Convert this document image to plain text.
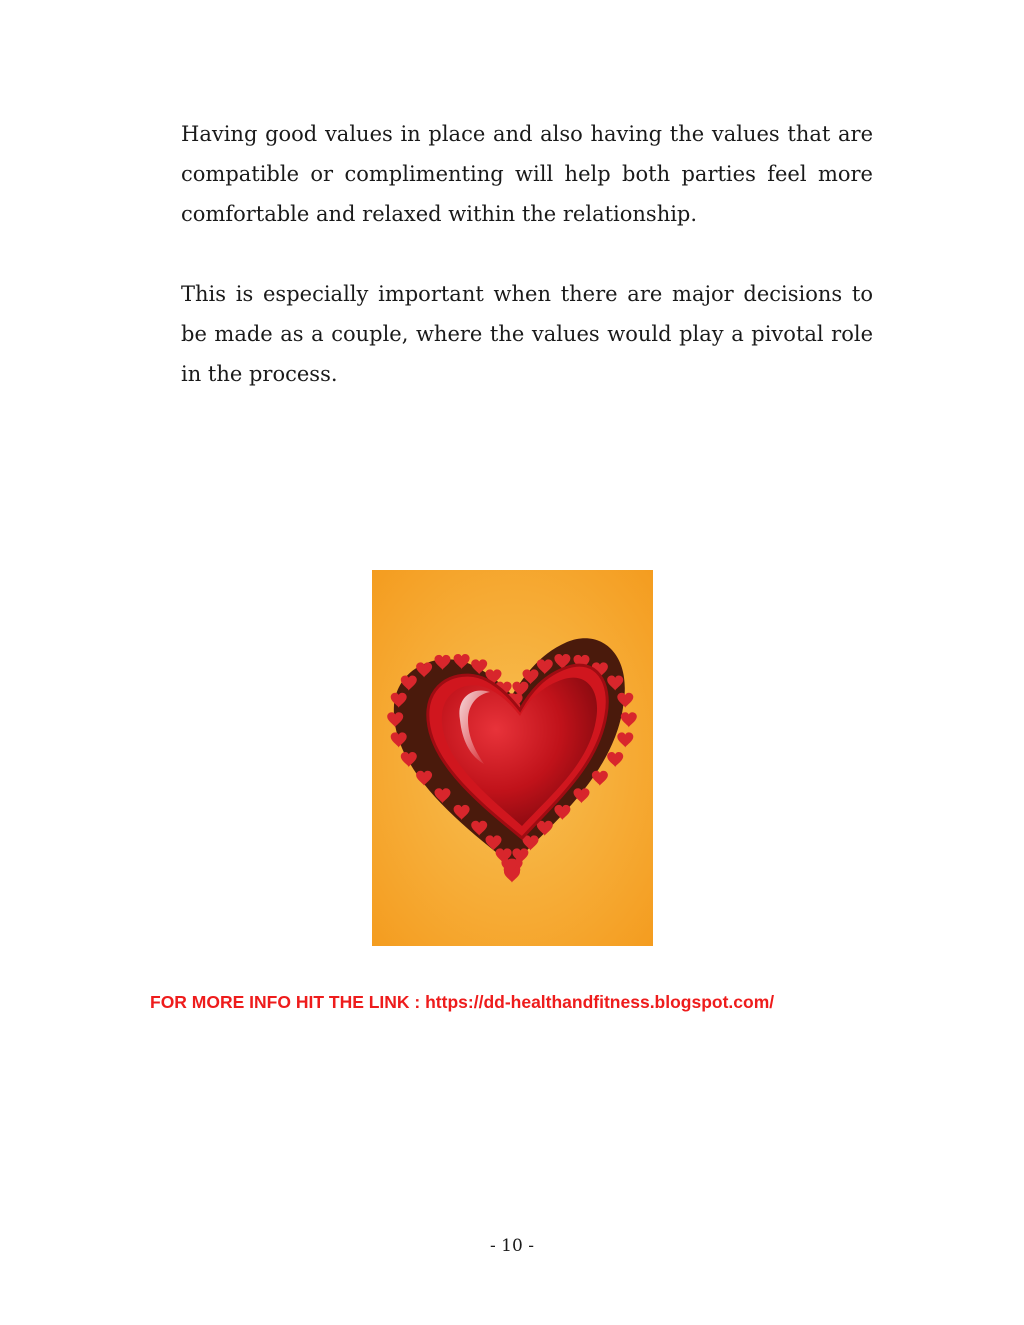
Having good values in place and also having the values that are compatible or complimenting will help both parties feel more comfortable and relaxed within the relationship.

This is especially important when there are major decisions to be made as a couple, where the values would play a pivotal role in the process.

FOR MORE INFO HIT THE LINK : https://dd-healthandfitness.blogspot.com/
- 10 -
